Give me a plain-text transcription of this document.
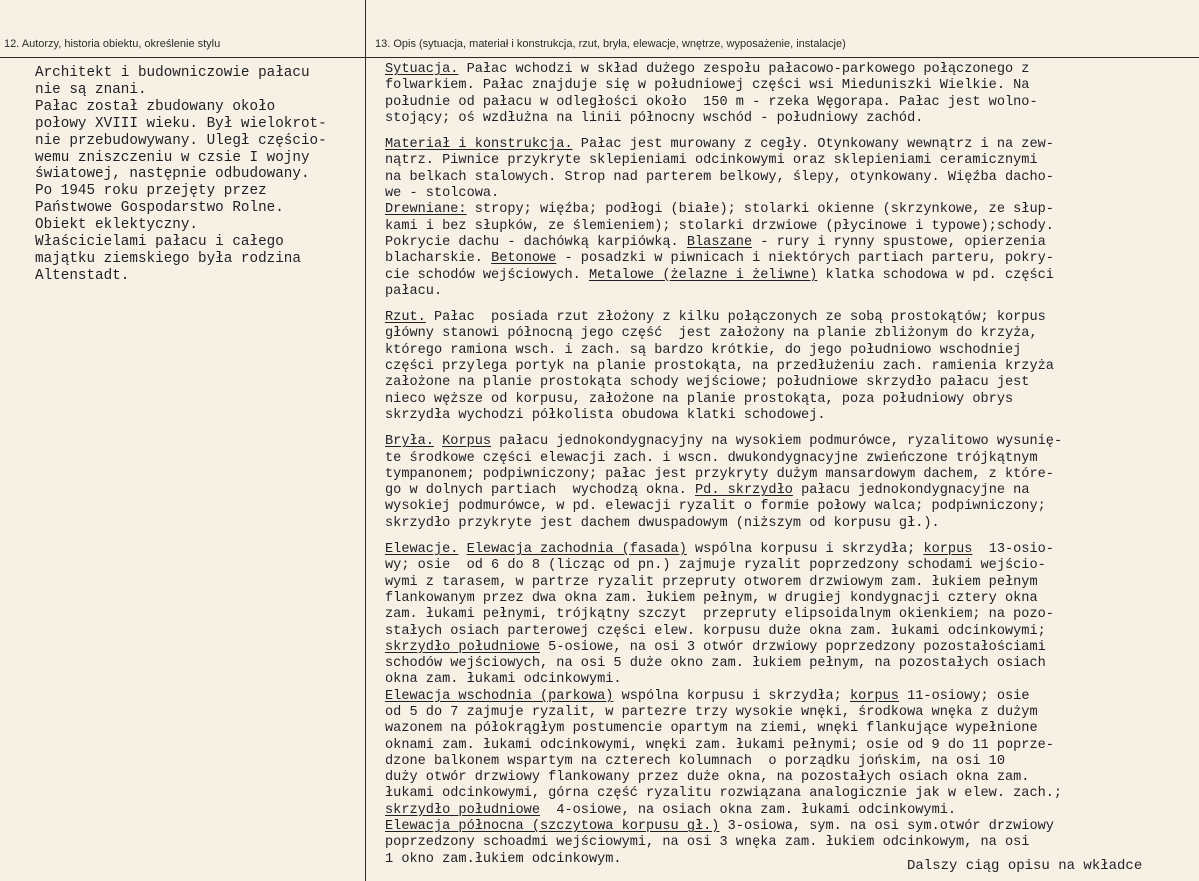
12. Autorzy, historia obiektu, określenie stylu	13. Opis (sytuacja, materiał i konstrukcja, rzut, bryła, elewacje, wnętrze, wyposażenie, instalacje)
Architekt i budowniczowie pałacu
nie są znani.
Pałac został zbudowany około
połowy XVIII wieku. Był wielokrot-
nie przebudowywany. Uległ częścio-
wemu zniszczeniu w czsie I wojny
światowej, następnie odbudowany.
Po 1945 roku przejęty przez
Państwowe Gospodarstwo Rolne.
Obiekt eklektyczny.
Właścicielami pałacu i całego
majątku ziemskiego była rodzina
Altenstadt.
Sytuacja. Pałac wchodzi w skład dużego zespołu pałacowo-parkowego połączonego z
folwarkiem. Pałac znajduje się w południowej części wsi Mieduniszki Wielkie. Na
południe od pałacu w odległości około  150 m - rzeka Węgorapa. Pałac jest wolno-
stojący; oś wzdłużna na linii północny wschód - południowy zachód.
Materiał i konstrukcja. Pałac jest murowany z cegły. Otynkowany wewnątrz i na zew-
nątrz. Piwnice przykryte sklepieniami odcinkowymi oraz sklepieniami ceramicznymi
na belkach stalowych. Strop nad parterem belkowy, ślepy, otynkowany. Więźba dacho-
we - stolcowa.
Drewniane: stropy; więźba; podłogi (białe); stolarki okienne (skrzynkowe, ze słup-
kami i bez słupków, ze ślemieniem); stolarki drzwiowe (płycinowe i typowe);schody.
Pokrycie dachu - dachówką karpiówką. Blaszane - rury i rynny spustowe, opierzenia
blacharskie. Betonowe - posadzki w piwnicach i niektórych partiach parteru, pokry-
cie schodów wejściowych. Metalowe (żelazne i żeliwne) klatka schodowa w pd. części
pałacu.
Rzut. Pałac  posiada rzut złożony z kilku połączonych ze sobą prostokątów; korpus
główny stanowi północną jego część  jest założony na planie zbliżonym do krzyża,
którego ramiona wsch. i zach. są bardzo krótkie, do jego południowo wschodniej
części przylega portyk na planie prostokąta, na przedłużeniu zach. ramienia krzyża
założone na planie prostokąta schody wejściowe; południowe skrzydło pałacu jest
nieco węższe od korpusu, założone na planie prostokąta, poza południowy obrys
skrzydła wychodzi półkolista obudowa klatki schodowej.
Bryła. Korpus pałacu jednokondygnacyjny na wysokiem podmurówce, ryzalitowo wysunię-
te środkowe części elewacji zach. i wscn. dwukondygnacyjne zwieńczone trójkątnym
tympanonem; podpiwniczony; pałac jest przykryty dużym mansardowym dachem, z które-
go w dolnych partiach  wychodzą okna. Pd. skrzydło pałacu jednokondygnacyjne na
wysokiej podmurówce, w pd. elewacji ryzalit o formie połowy walca; podpiwniczony;
skrzydło przykryte jest dachem dwuspadowym (niższym od korpusu gł.).
Elewacje. Elewacja zachodnia (fasada) wspólna korpusu i skrzydła; korpus  13-osio-
wy; osie  od 6 do 8 (licząc od pn.) zajmuje ryzalit poprzedzony schodami wejścio-
wymi z tarasem, w partrze ryzalit przepruty otworem drzwiowym zam. łukiem pełnym
flankowanym przez dwa okna zam. łukiem pełnym, w drugiej kondygnacji cztery okna
zam. łukami pełnymi, trójkątny szczyt  przepruty elipsoidalnym okienkiem; na pozo-
stałych osiach parterowej części elew. korpusu duże okna zam. łukami odcinkowymi;
skrzydło południowe 5-osiowe, na osi 3 otwór drzwiowy poprzedzony pozostałościami
schodów wejściowych, na osi 5 duże okno zam. łukiem pełnym, na pozostałych osiach
okna zam. łukami odcinkowymi.
Elewacja wschodnia (parkowa) wspólna korpusu i skrzydła; korpus 11-osiowy; osie
od 5 do 7 zajmuje ryzalit, w partezre trzy wysokie wnęki, środkowa wnęka z dużym
wazonem na półokrągłym postumencie opartym na ziemi, wnęki flankujące wypełnione
oknami zam. łukami odcinkowymi, wnęki zam. łukami pełnymi; osie od 9 do 11 poprze-
dzone balkonem wspartym na czterech kolumnach  o porządku jońskim, na osi 10
duży otwór drzwiowy flankowany przez duże okna, na pozostałych osiach okna zam.
łukami odcinkowymi, górna część ryzalitu rozwiązana analogicznie jak w elew. zach.;
skrzydło południowe  4-osiowe, na osiach okna zam. łukami odcinkowymi.
Elewacja północna (szczytowa korpusu gł.) 3-osiowa, sym. na osi sym.otwór drzwiowy
poprzedzony schoadmi wejściowymi, na osi 3 wnęka zam. łukiem odcinkowym, na osi
1 okno zam.łukiem odcinkowym.	Dalszy ciąg opisu na wkładce
